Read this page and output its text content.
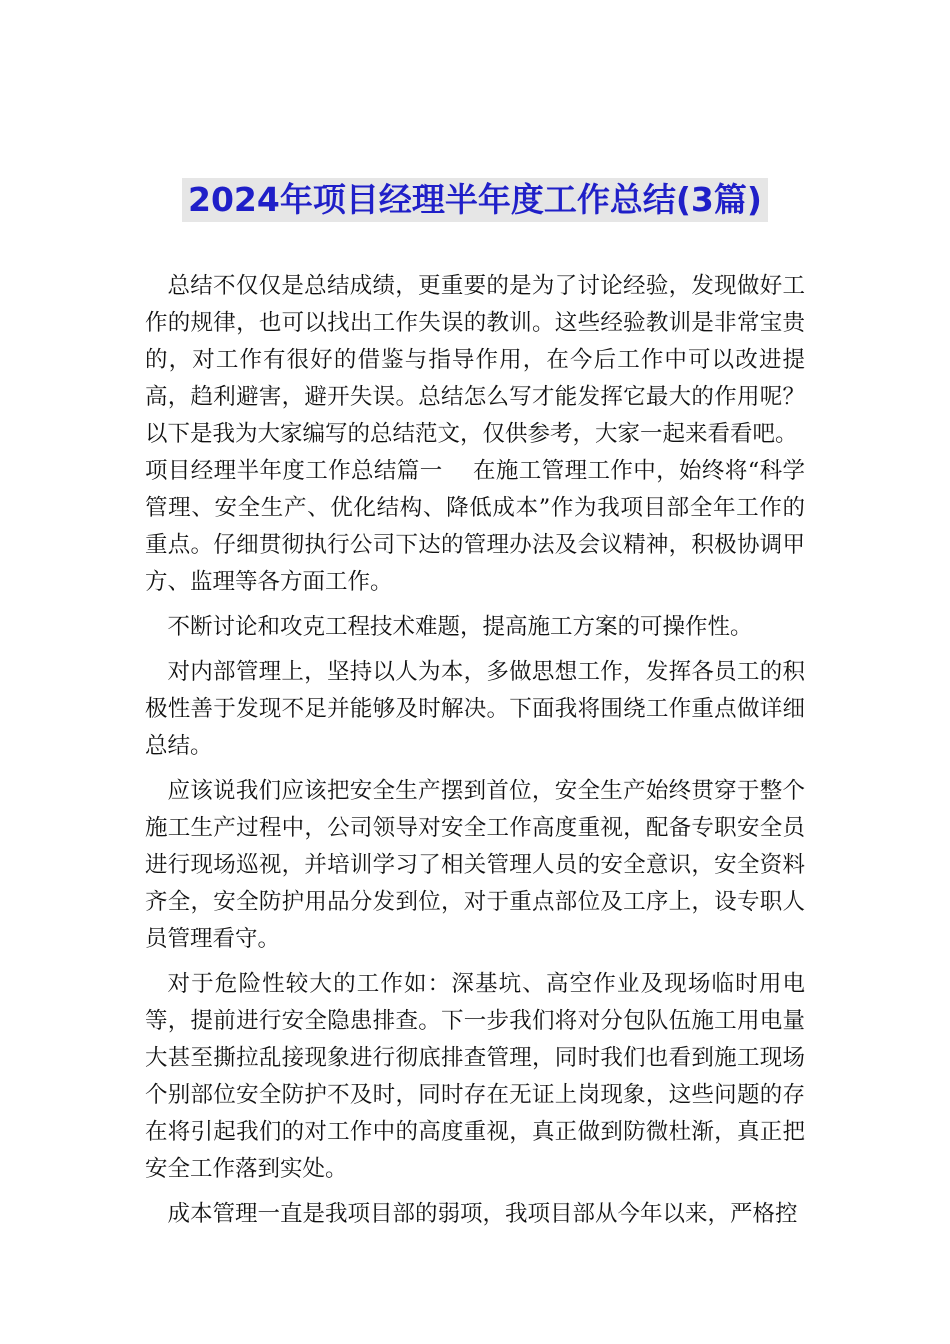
2024年项目经理半年度工作总结(3篇)

总结不仅仅是总结成绩，更重要的是为了讨论经验，发现做好工作的规律，也可以找出工作失误的教训。这些经验教训是非常宝贵的，对工作有很好的借鉴与指导作用，在今后工作中可以改进提高，趋利避害，避开失误。总结怎么写才能发挥它最大的作用呢？以下是我为大家编写的总结范文，仅供参考，大家一起来看看吧。

项目经理半年度工作总结篇一　 在施工管理工作中，始终将“科学管理、安全生产、优化结构、降低成本”作为我项目部全年工作的重点。仔细贯彻执行公司下达的管理办法及会议精神，积极协调甲方、监理等各方面工作。

不断讨论和攻克工程技术难题，提高施工方案的可操作性。

对内部管理上，坚持以人为本，多做思想工作，发挥各员工的积极性善于发现不足并能够及时解决。下面我将围绕工作重点做详细总结。

应该说我们应该把安全生产摆到首位，安全生产始终贯穿于整个施工生产过程中，公司领导对安全工作高度重视，配备专职安全员进行现场巡视，并培训学习了相关管理人员的安全意识，安全资料齐全，安全防护用品分发到位，对于重点部位及工序上，设专职人员管理看守。

对于危险性较大的工作如：深基坑、高空作业及现场临时用电等，提前进行安全隐患排查。下一步我们将对分包队伍施工用电量大甚至撕拉乱接现象进行彻底排查管理，同时我们也看到施工现场个别部位安全防护不及时，同时存在无证上岗现象，这些问题的存在将引起我们的对工作中的高度重视，真正做到防微杜渐，真正把安全工作落到实处。

成本管理一直是我项目部的弱项，我项目部从今年以来，严格控
